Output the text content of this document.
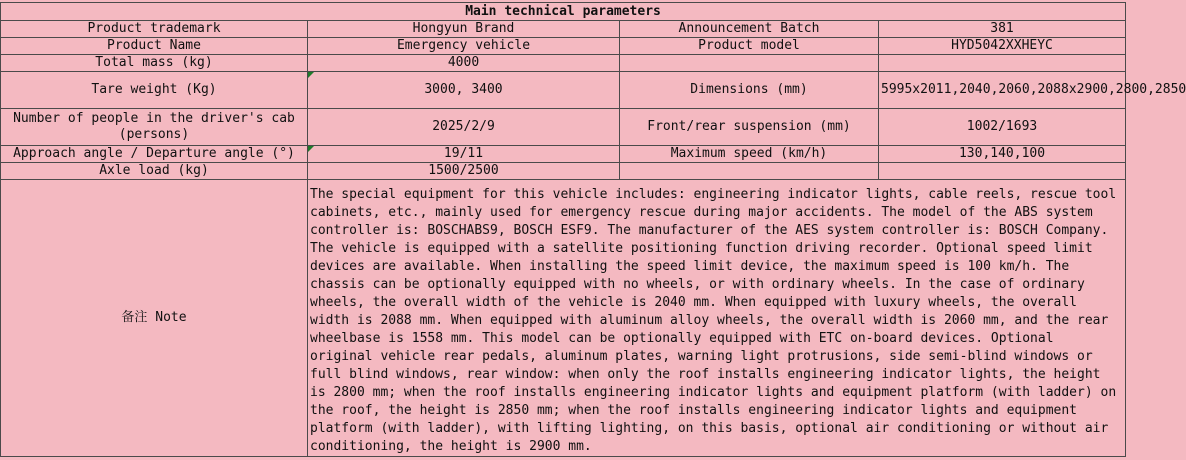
Main technical parameters			
Product trademark	Hongyun Brand	Announcement Batch	381
Product Name	Emergency vehicle	Product model	HYD5042XXHEYC
Total mass (kg)	4000		
Tare weight (Kg)	3000, 3400	Dimensions (mm)	5995x2011,2040,2060,2088x2900,2800,2850
Number of people in the driver's cab (persons)	2025/2/9	Front/rear suspension (mm)	1002/1693
Approach angle / Departure angle (°)	19/11	Maximum speed (km/h)	130,140,100
Axle load (kg)	1500/2500		
备注 Note	The special equipment for this vehicle includes: engineering indicator lights, cable reels, rescue tool cabinets, etc., mainly used for emergency rescue during major accidents. The model of the ABS system controller is: BOSCHABS9, BOSCH ESF9. The manufacturer of the AES system controller is: BOSCH Company. The vehicle is equipped with a satellite positioning function driving recorder. Optional speed limit devices are available. When installing the speed limit device, the maximum speed is 100 km/h. The chassis can be optionally equipped with no wheels, or with ordinary wheels. In the case of ordinary wheels, the overall width of the vehicle is 2040 mm. When equipped with luxury wheels, the overall width is 2088 mm. When equipped with aluminum alloy wheels, the overall width is 2060 mm, and the rear wheelbase is 1558 mm. This model can be optionally equipped with ETC on-board devices. Optional original vehicle rear pedals, aluminum plates, warning light protrusions, side semi-blind windows or full blind windows, rear window: when only the roof installs engineering indicator lights, the height is 2800 mm; when the roof installs engineering indicator lights and equipment platform (with ladder) on the roof, the height is 2850 mm; when the roof installs engineering indicator lights and equipment platform (with ladder), with lifting lighting, on this basis, optional air conditioning or without air conditioning, the height is 2900 mm.		
